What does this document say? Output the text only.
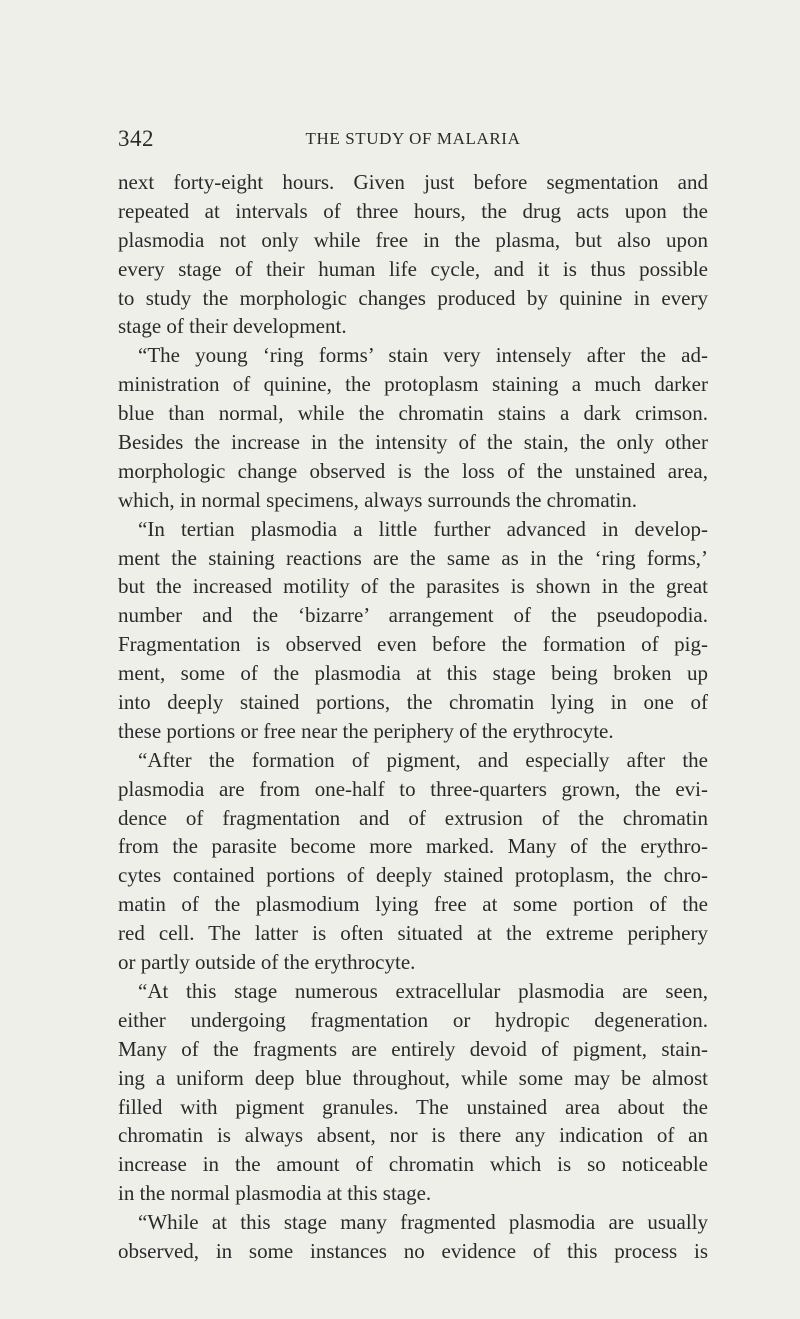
342	THE STUDY OF MALARIA
next forty-eight hours. Given just before segmentation and
repeated at intervals of three hours, the drug acts upon the
plasmodia not only while free in the plasma, but also upon
every stage of their human life cycle, and it is thus possible
to study the morphologic changes produced by quinine in every
stage of their development.
“The young ‘ring forms’ stain very intensely after the ad-
ministration of quinine, the protoplasm staining a much darker
blue than normal, while the chromatin stains a dark crimson.
Besides the increase in the intensity of the stain, the only other
morphologic change observed is the loss of the unstained area,
which, in normal specimens, always surrounds the chromatin.
“In tertian plasmodia a little further advanced in develop-
ment the staining reactions are the same as in the ‘ring forms,’
but the increased motility of the parasites is shown in the great
number and the ‘bizarre’ arrangement of the pseudopodia.
Fragmentation is observed even before the formation of pig-
ment, some of the plasmodia at this stage being broken up
into deeply stained portions, the chromatin lying in one of
these portions or free near the periphery of the erythrocyte.
“After the formation of pigment, and especially after the
plasmodia are from one-half to three-quarters grown, the evi-
dence of fragmentation and of extrusion of the chromatin
from the parasite become more marked. Many of the erythro-
cytes contained portions of deeply stained protoplasm, the chro-
matin of the plasmodium lying free at some portion of the
red cell. The latter is often situated at the extreme periphery
or partly outside of the erythrocyte.
“At this stage numerous extracellular plasmodia are seen,
either undergoing fragmentation or hydropic degeneration.
Many of the fragments are entirely devoid of pigment, stain-
ing a uniform deep blue throughout, while some may be almost
filled with pigment granules. The unstained area about the
chromatin is always absent, nor is there any indication of an
increase in the amount of chromatin which is so noticeable
in the normal plasmodia at this stage.
“While at this stage many fragmented plasmodia are usually
observed, in some instances no evidence of this process is
